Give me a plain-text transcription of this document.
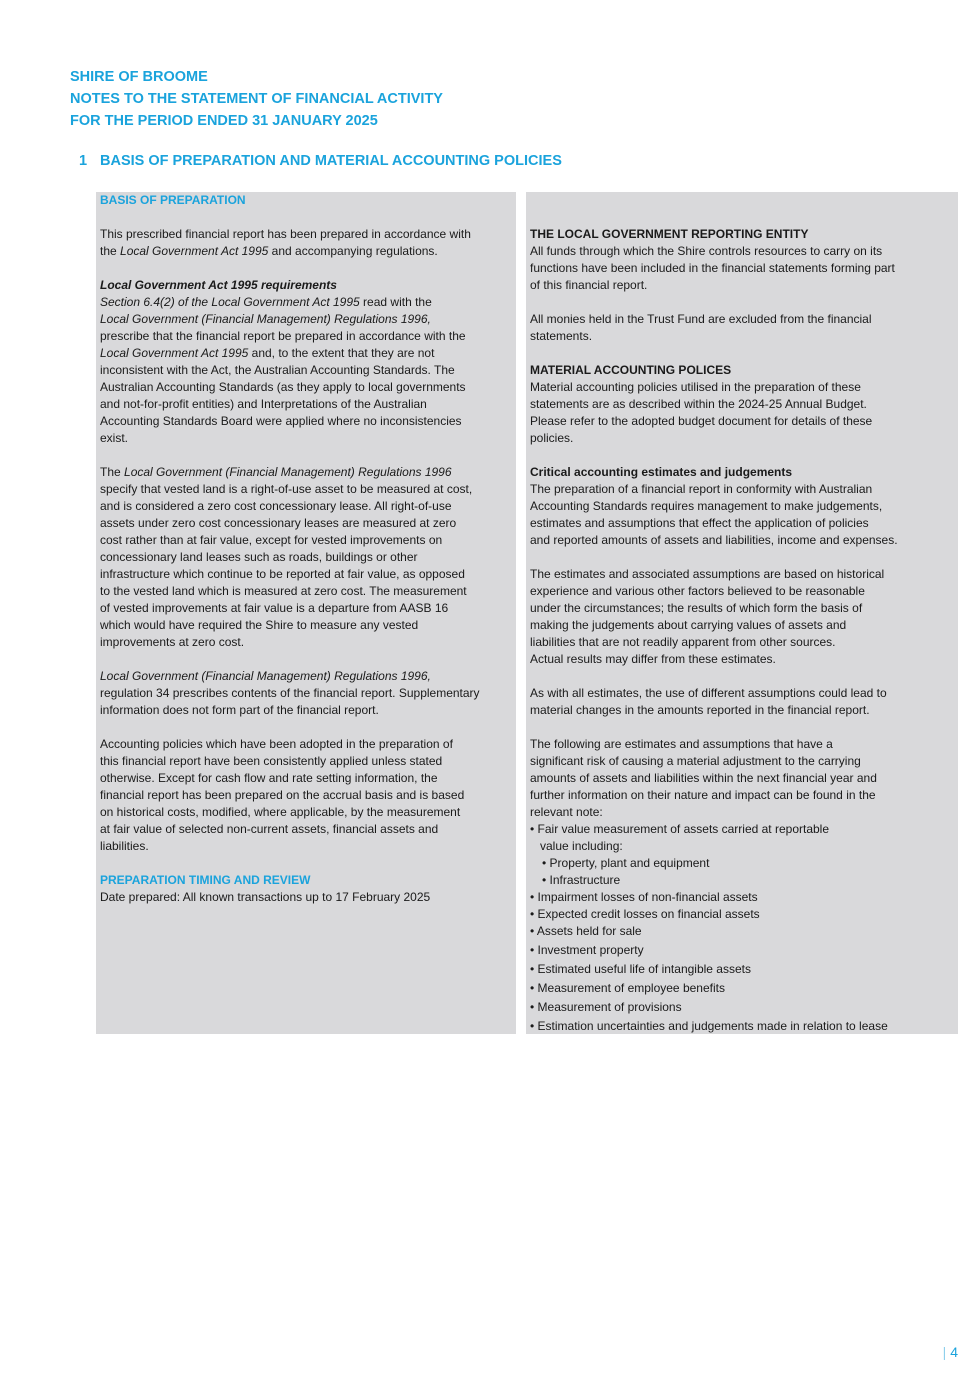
SHIRE OF BROOME
NOTES TO THE STATEMENT OF FINANCIAL ACTIVITY
FOR THE PERIOD ENDED 31 JANUARY 2025
1 BASIS OF PREPARATION AND MATERIAL ACCOUNTING POLICIES
BASIS OF PREPARATION
This prescribed financial report has been prepared in accordance with
the Local Government Act 1995 and accompanying regulations.
Local Government Act 1995 requirements
Section 6.4(2) of the Local Government Act 1995 read with the
Local Government (Financial Management) Regulations 1996,
prescribe that the financial report be prepared in accordance with the
Local Government Act 1995 and, to the extent that they are not
inconsistent with the Act, the Australian Accounting Standards. The
Australian Accounting Standards (as they apply to local governments
and not-for-profit entities) and Interpretations of the Australian
Accounting Standards Board were applied where no inconsistencies
exist.
The Local Government (Financial Management) Regulations 1996
specify that vested land is a right-of-use asset to be measured at cost,
and is considered a zero cost concessionary lease. All right-of-use
assets under zero cost concessionary leases are measured at zero
cost rather than at fair value, except for vested improvements on
concessionary land leases such as roads, buildings or other
infrastructure which continue to be reported at fair value, as opposed
to the vested land which is measured at zero cost. The measurement
of vested improvements at fair value is a departure from AASB 16
which would have required the Shire to measure any vested
improvements at zero cost.
Local Government (Financial Management) Regulations 1996,
regulation 34 prescribes contents of the financial report. Supplementary
information does not form part of the financial report.
Accounting policies which have been adopted in the preparation of
this financial report have been consistently applied unless stated
otherwise. Except for cash flow and rate setting information, the
financial report has been prepared on the accrual basis and is based
on historical costs, modified, where applicable, by the measurement
at fair value of selected non-current assets, financial assets and
liabilities.
PREPARATION TIMING AND REVIEW
Date prepared: All known transactions up to 17 February 2025
THE LOCAL GOVERNMENT REPORTING ENTITY
All funds through which the Shire controls resources to carry on its
functions have been included in the financial statements forming part
of this financial report.
All monies held in the Trust Fund are excluded from the financial
statements.
MATERIAL ACCOUNTING POLICES
Material accounting policies utilised in the preparation of these
statements are as described within the 2024-25 Annual Budget.
Please refer to the adopted budget document for details of these
policies.
Critical accounting estimates and judgements
The preparation of a financial report in conformity with Australian
Accounting Standards requires management to make judgements,
estimates and assumptions that effect the application of policies
and reported amounts of assets and liabilities, income and expenses.
The estimates and associated assumptions are based on historical
experience and various other factors believed to be reasonable
under the circumstances; the results of which form the basis of
making the judgements about carrying values of assets and
liabilities that are not readily apparent from other sources.
Actual results may differ from these estimates.
As with all estimates, the use of different assumptions could lead to
material changes in the amounts reported in the financial report.
The following are estimates and assumptions that have a
significant risk of causing a material adjustment to the carrying
amounts of assets and liabilities within the next financial year and
further information on their nature and impact can be found in the
relevant note:
• Fair value measurement of assets carried at reportable
value including:
• Property, plant and equipment
• Infrastructure
• Impairment losses of non-financial assets
• Expected credit losses on financial assets
• Assets held for sale
• Investment property
• Estimated useful life of intangible assets
• Measurement of employee benefits
• Measurement of provisions
• Estimation uncertainties and judgements made in relation to lease
| 4
